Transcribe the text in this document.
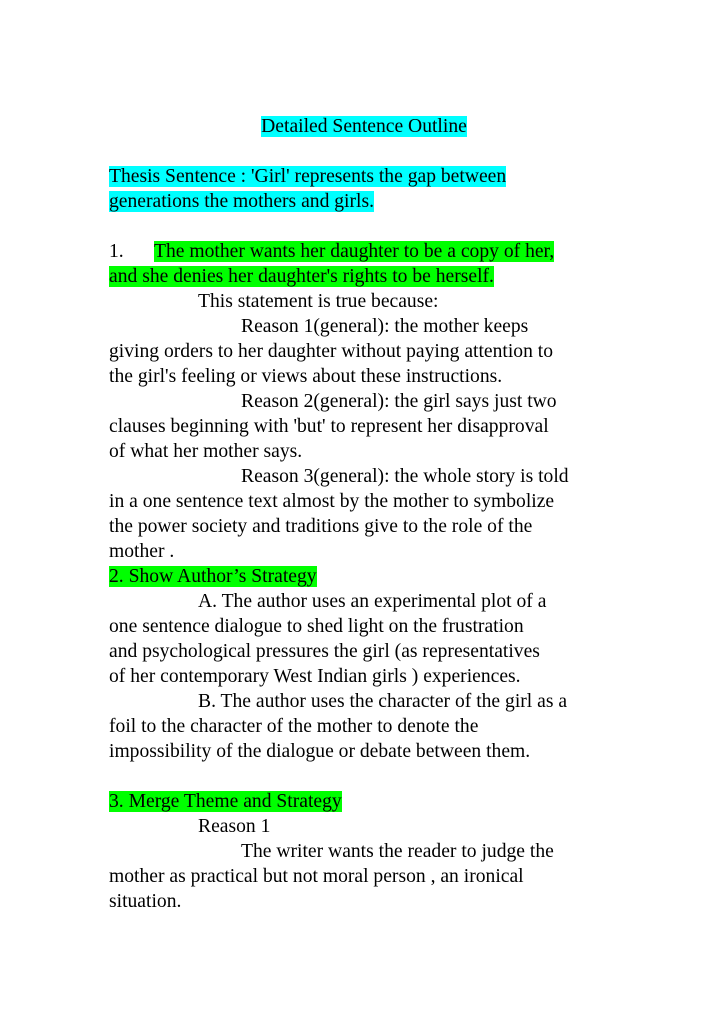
Detailed Sentence Outline
Thesis Sentence : 'Girl' represents the gap between
generations the mothers and girls.
1. The mother wants her daughter to be a copy of her,
and she denies her daughter's rights to be herself.
This statement is true because:
Reason 1(general): the mother keeps
giving orders to her daughter without paying attention to
the girl's feeling or views about these instructions.
Reason 2(general): the girl says just two
clauses beginning with 'but' to represent her disapproval
of what her mother says.
Reason 3(general): the whole story is told
in a one sentence text almost by the mother to symbolize
the power society and traditions give to the role of the
mother .
2. Show Author’s Strategy
A. The author uses an experimental plot of a
one sentence dialogue to shed light on the frustration
and psychological pressures the girl (as representatives
of her contemporary West Indian girls ) experiences.
B. The author uses the character of the girl as a
foil to the character of the mother to denote the
impossibility of the dialogue or debate between them.
3. Merge Theme and Strategy
Reason 1
The writer wants the reader to judge the
mother as practical but not moral person , an ironical
situation.
